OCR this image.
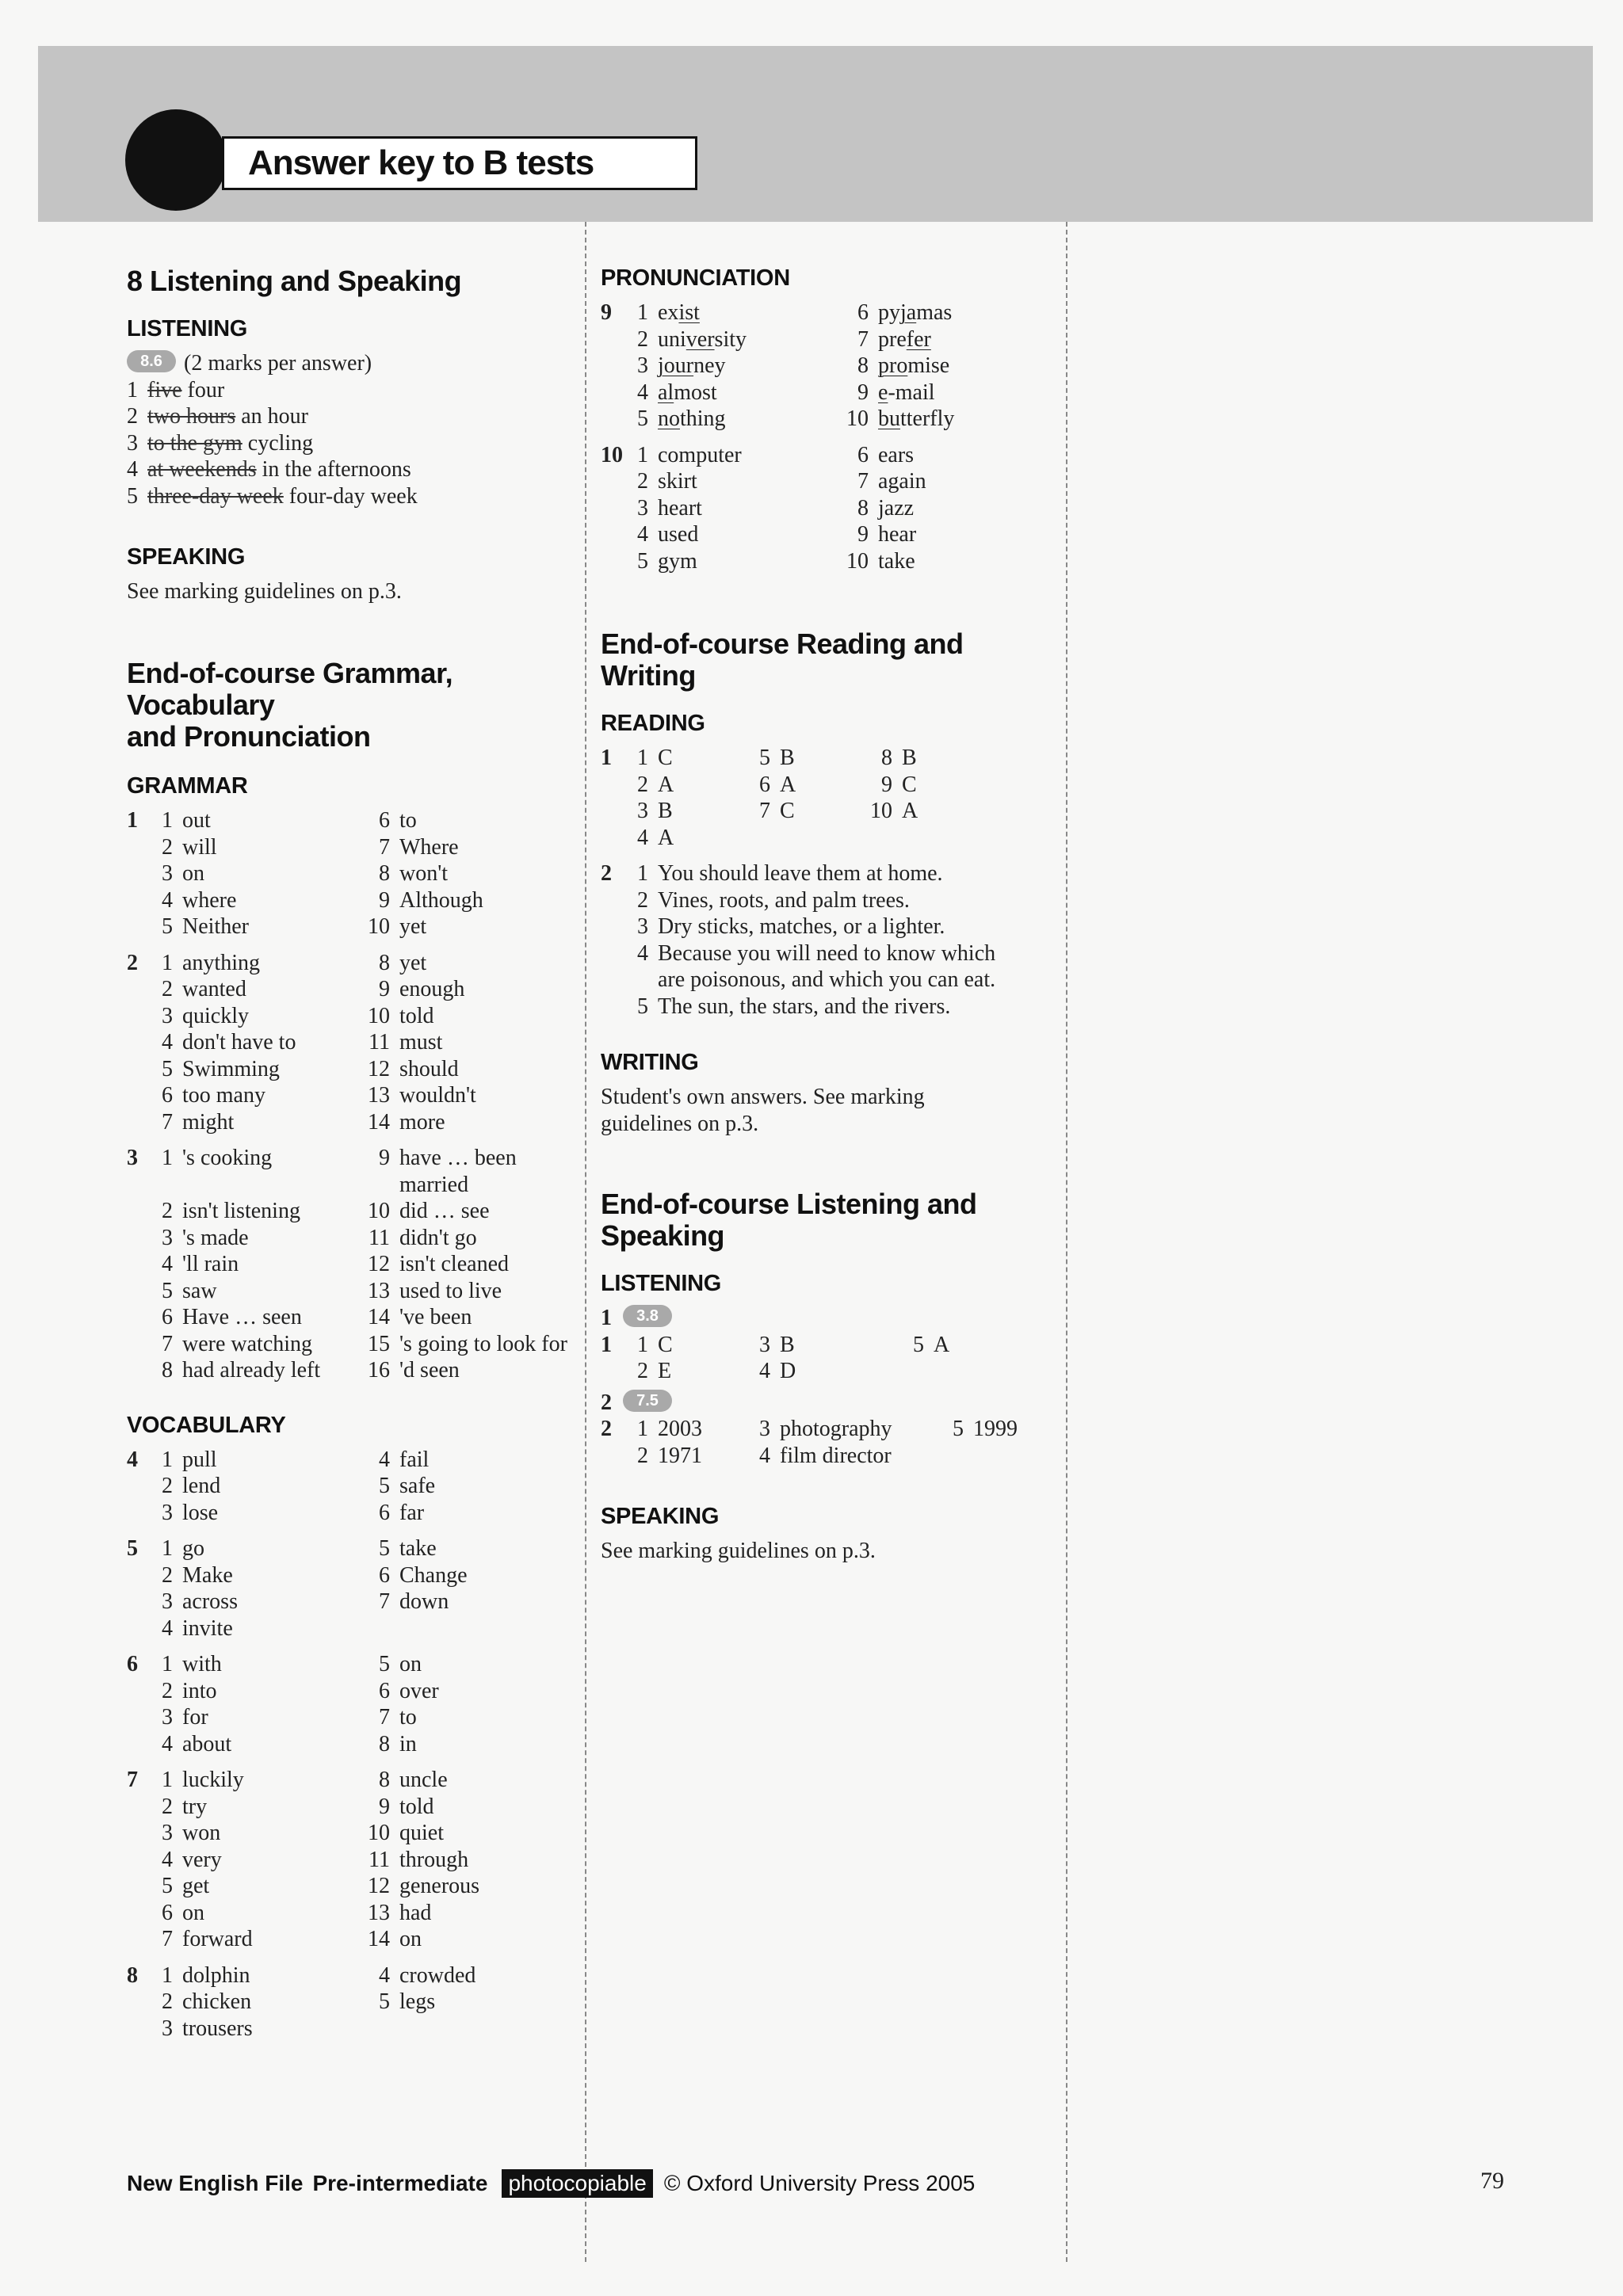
Answer key to B tests
8 Listening and Speaking
LISTENING
8.6 (2 marks per answer)
1 five four
2 two hours an hour
3 to the gym cycling
4 at weekends in the afternoons
5 three-day week four-day week
SPEAKING
See marking guidelines on p.3.
End-of-course Grammar, Vocabulary
and Pronunciation
GRAMMAR
1	1 out	6 to
2 will	7 Where
3 on	8 won't
4 where	9 Although
5 Neither	10 yet
2	1 anything	8 yet
2 wanted	9 enough
3 quickly	10 told
4 don't have to	11 must
5 Swimming	12 should
6 too many	13 wouldn't
7 might	14 more
3	1 's cooking	9 have … been
married
2 isn't listening	10 did … see
3 's made	11 didn't go
4 'll rain	12 isn't cleaned
5 saw	13 used to live
6 Have … seen	14 've been
7 were watching	15 's going to look for
8 had already left	16 'd seen
VOCABULARY
4	1 pull	4 fail
2 lend	5 safe
3 lose	6 far
5	1 go	5 take
2 Make	6 Change
3 across	7 down
4 invite
6	1 with	5 on
2 into	6 over
3 for	7 to
4 about	8 in
7	1 luckily	8 uncle
2 try	9 told
3 won	10 quiet
4 very	11 through
5 get	12 generous
6 on	13 had
7 forward	14 on
8	1 dolphin	4 crowded
2 chicken	5 legs
3 trousers
PRONUNCIATION
9	1 exist	6 pyjamas
2 university	7 prefer
3 journey	8 promise
4 almost	9 e-mail
5 nothing	10 butterfly
10 1 computer	6 ears
2 skirt	7 again
3 heart	8 jazz
4 used	9 hear
5 gym	10 take
End-of-course Reading and Writing
READING
1	1 C	5 B	8 B
2 A	6 A	9 C
3 B	7 C	10 A
4 A
2	1 You should leave them at home.
2 Vines, roots, and palm trees.
3 Dry sticks, matches, or a lighter.
4 Because you will need to know which
are poisonous, and which you can eat.
5 The sun, the stars, and the rivers.
WRITING
Student's own answers. See marking
guidelines on p.3.
End-of-course Listening and Speaking
LISTENING
1	3.8
1	1 C	3 B	5 A
2 E	4 D
2	7.5
2	1 2003	3 photography	5 1999
2 1971	4 film director
SPEAKING
See marking guidelines on p.3.
New English File Pre-intermediate photocopiable © Oxford University Press 2005	79
